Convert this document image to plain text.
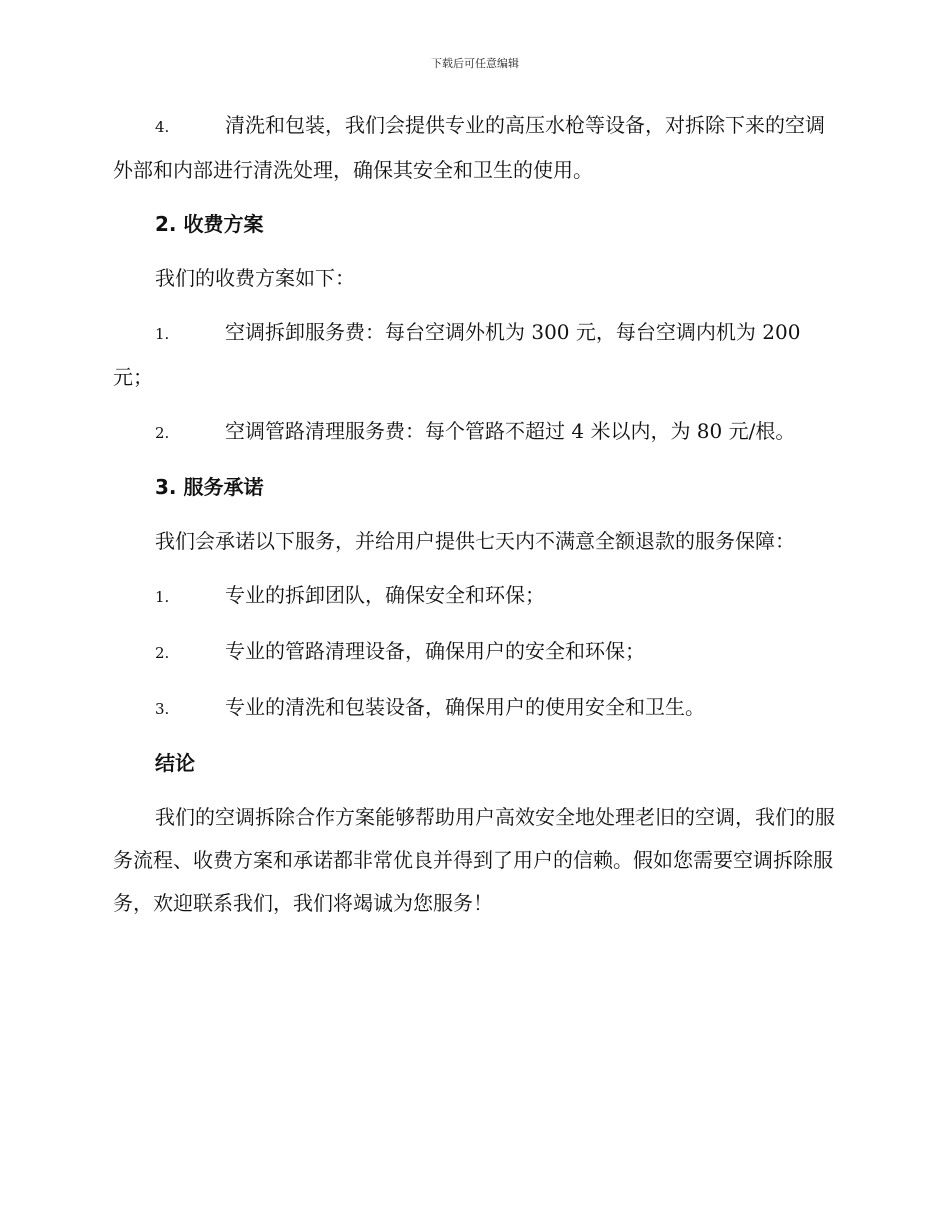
下载后可任意编辑

4.	清洗和包装，我们会提供专业的高压水枪等设备，对拆除下来的空调外部和内部进行清洗处理，确保其安全和卫生的使用。

2. 收费方案

我们的收费方案如下：

1.	空调拆卸服务费：每台空调外机为 300 元，每台空调内机为 200 元；

2.	空调管路清理服务费：每个管路不超过 4 米以内，为 80 元/根。

3. 服务承诺

我们会承诺以下服务，并给用户提供七天内不满意全额退款的服务保障：

1.	专业的拆卸团队，确保安全和环保；

2.	专业的管路清理设备，确保用户的安全和环保；

3.	专业的清洗和包装设备，确保用户的使用安全和卫生。

结论

我们的空调拆除合作方案能够帮助用户高效安全地处理老旧的空调，我们的服务流程、收费方案和承诺都非常优良并得到了用户的信赖。假如您需要空调拆除服务，欢迎联系我们，我们将竭诚为您服务！
